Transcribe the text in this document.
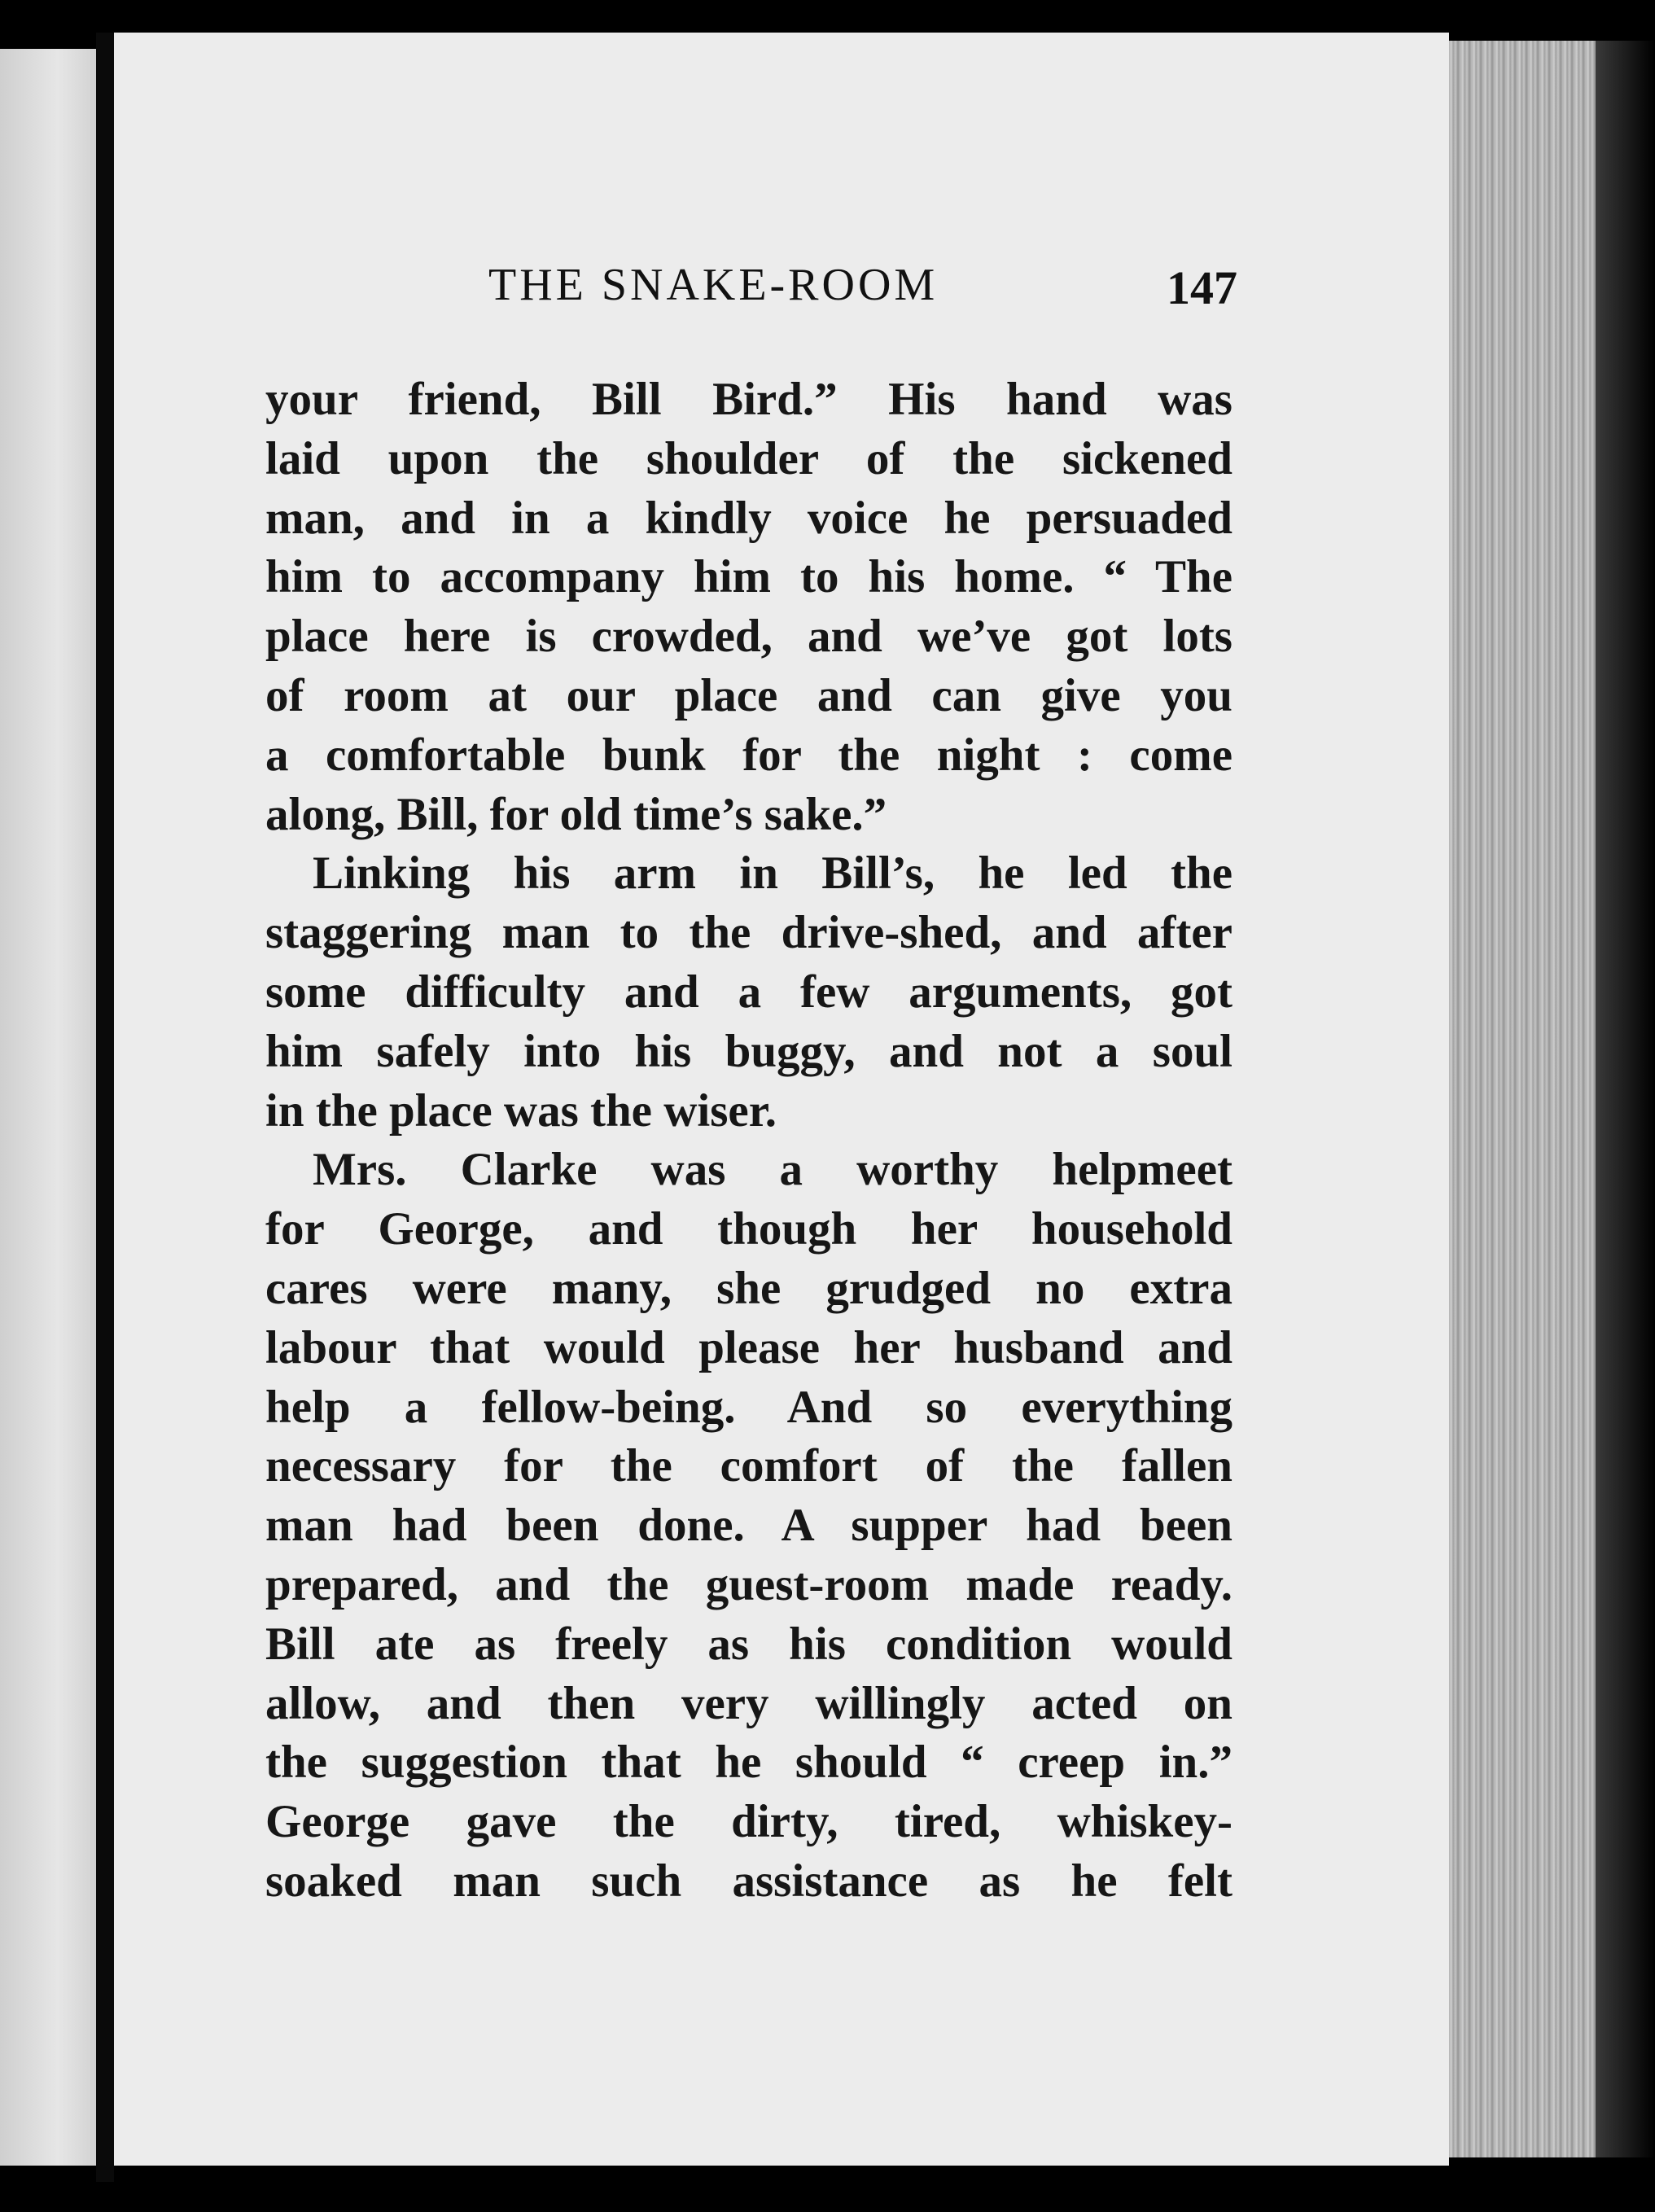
THE SNAKE-ROOM	147
your friend, Bill Bird.” His hand was
laid upon the shoulder of the sickened
man, and in a kindly voice he persuaded
him to accompany him to his home. “ The
place here is crowded, and we’ve got lots
of room at our place and can give you
a comfortable bunk for the night : come
along, Bill, for old time’s sake.”
Linking his arm in Bill’s, he led the
staggering man to the drive-shed, and after
some difficulty and a few arguments, got
him safely into his buggy, and not a soul
in the place was the wiser.
Mrs. Clarke was a worthy helpmeet
for George, and though her household
cares were many, she grudged no extra
labour that would please her husband and
help a fellow-being. And so everything
necessary for the comfort of the fallen
man had been done. A supper had been
prepared, and the guest-room made ready.
Bill ate as freely as his condition would
allow, and then very willingly acted on
the suggestion that he should “ creep in.”
George gave the dirty, tired, whiskey-
soaked man such assistance as he felt
